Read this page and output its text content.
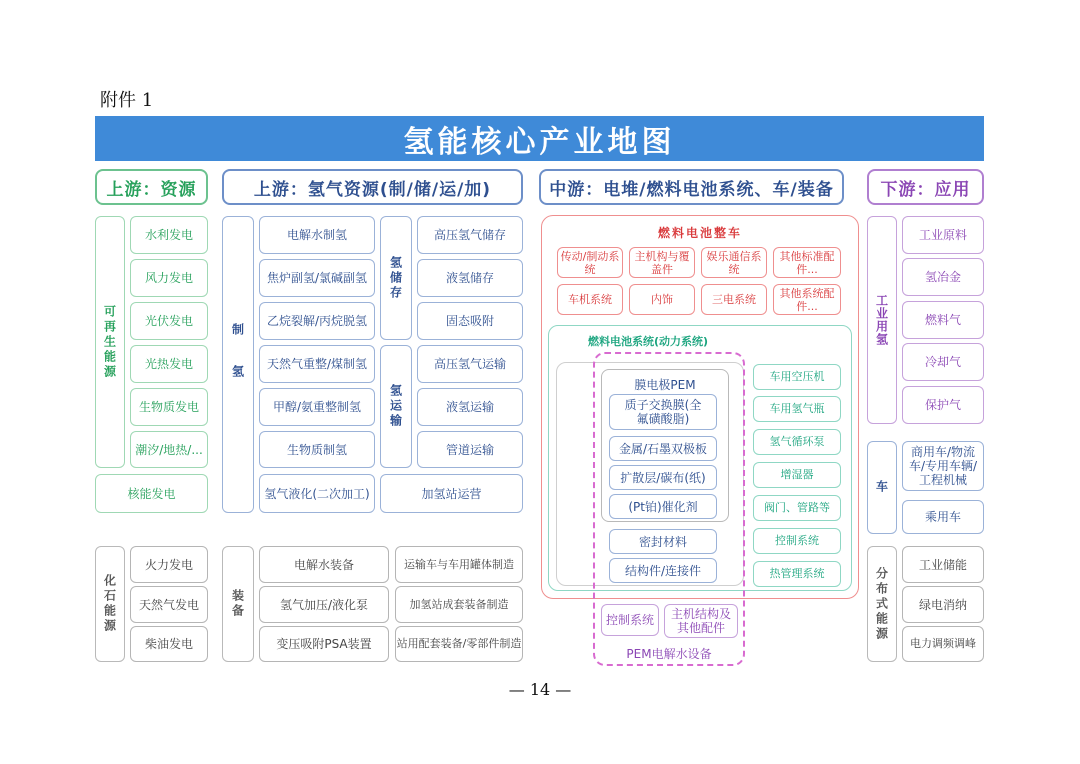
附件 1
氢能核心产业地图
上游：资源	上游：氢气资源(制/储/运/加)	中游：电堆/燃料电池系统、车/装备	下游：应用
可再生能源
水利发电
风力发电
光伏发电
光热发电
生物质发电
潮汐/地热/...
核能发电
化石能源
火力发电
天然气发电
柴油发电
制氢
电解水制氢
焦炉副氢/氯碱副氢
乙烷裂解/丙烷脱氢
天然气重整/煤制氢
甲醇/氨重整制氢
生物质制氢
氢气液化(二次加工)
氢储存
高压氢气储存
液氢储存
固态吸附
氢运输
高压氢气运输
液氢运输
管道运输
加氢站运营
装备
电解水装备
氢气加压/液化泵
变压吸附PSA装置
运输车与车用罐体制造
加氢站成套装备制造
站用配套装备/零部件制造
燃料电池整车
传动/制动系统
主机构与覆盖件
娱乐通信系统
其他标准配件...
车机系统	内饰	三电系统	其他系统配件...
燃料电池系统(动力系统)
膜电极PEM
质子交换膜(全氟磺酸脂)
金属/石墨双极板
扩散层/碳布(纸)
(Pt铂)催化剂
密封材料
结构件/连接件
车用空压机
车用氢气瓶
氢气循环泵
增湿器
阀门、管路等
控制系统
热管理系统
控制系统	主机结构及其他配件
PEM电解水设备
工业用氢
工业原料
氢冶金
燃料气
冷却气
保护气
车
商用车/物流车/专用车辆/工程机械
乘用车
分布式能源
工业储能
绿电消纳
电力调频调峰
— 14 —
